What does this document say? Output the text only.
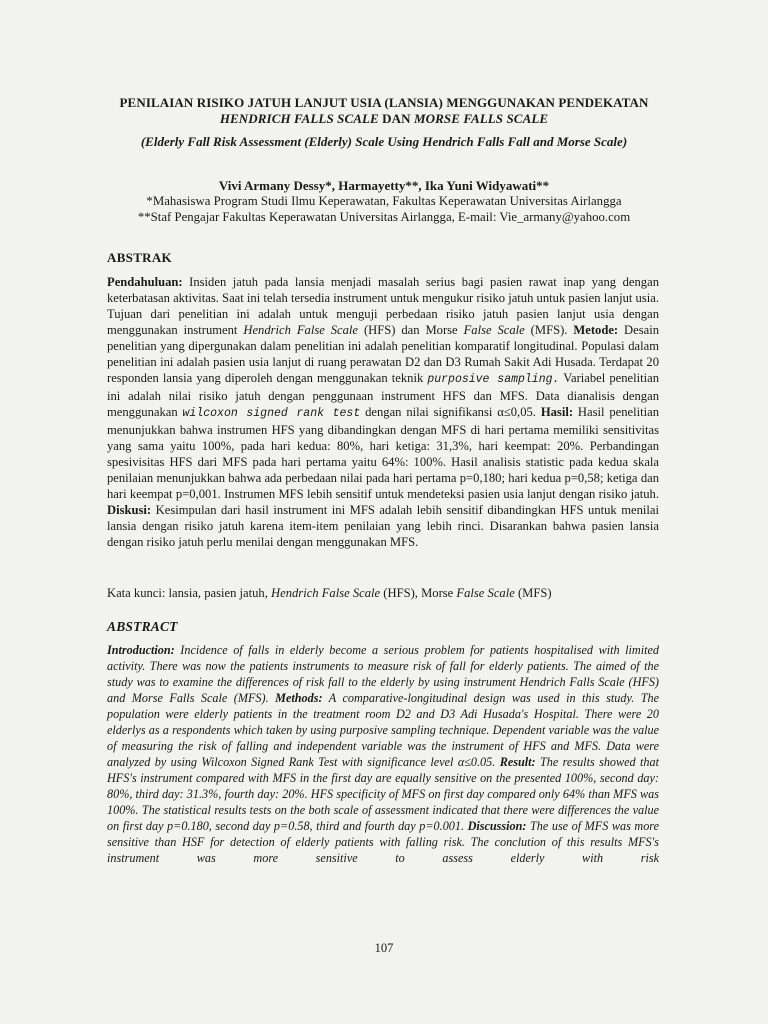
PENILAIAN RISIKO JATUH LANJUT USIA (LANSIA) MENGGUNAKAN PENDEKATAN
HENDRICH FALLS SCALE DAN MORSE FALLS SCALE
(Elderly Fall Risk Assessment (Elderly) Scale Using Hendrich Falls Fall and Morse Scale)
Vivi Armany Dessy*, Harmayetty**, Ika Yuni Widyawati**
*Mahasiswa Program Studi Ilmu Keperawatan, Fakultas Keperawatan Universitas Airlangga
**Staf Pengajar Fakultas Keperawatan Universitas Airlangga, E-mail: Vie_armany@yahoo.com
ABSTRAK
Pendahuluan: Insiden jatuh pada lansia menjadi masalah serius bagi pasien rawat inap yang dengan keterbatasan aktivitas. Saat ini telah tersedia instrument untuk mengukur risiko jatuh untuk pasien lanjut usia. Tujuan dari penelitian ini adalah untuk menguji perbedaan risiko jatuh pasien lanjut usia dengan menggunakan instrument Hendrich False Scale (HFS) dan Morse False Scale (MFS). Metode: Desain penelitian yang dipergunakan dalam penelitian ini adalah penelitian komparatif longitudinal. Populasi dalam penelitian ini adalah pasien usia lanjut di ruang perawatan D2 dan D3 Rumah Sakit Adi Husada. Terdapat 20 responden lansia yang diperoleh dengan menggunakan teknik purposive sampling. Variabel penelitian ini adalah nilai risiko jatuh dengan penggunaan instrument HFS dan MFS. Data dianalisis dengan menggunakan wilcoxon signed rank test dengan nilai signifikansi α≤0,05. Hasil: Hasil penelitian menunjukkan bahwa instrumen HFS yang dibandingkan dengan MFS di hari pertama memiliki sensitivitas yang sama yaitu 100%, pada hari kedua: 80%, hari ketiga: 31,3%, hari keempat: 20%. Perbandingan spesivisitas HFS dari MFS pada hari pertama yaitu 64%: 100%. Hasil analisis statistic pada kedua skala penilaian menunjukkan bahwa ada perbedaan nilai pada hari pertama p=0,180; hari kedua p=0,58; ketiga dan hari keempat p=0,001. Instrumen MFS lebih sensitif untuk mendeteksi pasien usia lanjut dengan risiko jatuh. Diskusi: Kesimpulan dari hasil instrument ini MFS adalah lebih sensitif dibandingkan HFS untuk menilai lansia dengan risiko jatuh karena item-item penilaian yang lebih rinci. Disarankan bahwa pasien lansia dengan risiko jatuh perlu menilai dengan menggunakan MFS.
Kata kunci: lansia, pasien jatuh, Hendrich False Scale (HFS), Morse False Scale (MFS)
ABSTRACT
Introduction: Incidence of falls in elderly become a serious problem for patients hospitalised with limited activity. There was now the patients instruments to measure risk of fall for elderly patients. The aimed of the study was to examine the differences of risk fall to the elderly by using instrument Hendrich Falls Scale (HFS) and Morse Falls Scale (MFS). Methods: A comparative-longitudinal design was used in this study. The population were elderly patients in the treatment room D2 and D3 Adi Husada's Hospital. There were 20 elderlys as a respondents which taken by using purposive sampling technique. Dependent variable was the value of measuring the risk of falling and independent variable was the instrument of HFS and MFS. Data were analyzed by using Wilcoxon Signed Rank Test with significance level α≤0.05. Result: The results showed that HFS's instrument compared with MFS in the first day are equally sensitive on the presented 100%, second day: 80%, third day: 31.3%, fourth day: 20%. HFS specificity of MFS on first day compared only 64% than MFS was 100%. The statistical results tests on the both scale of assessment indicated that there were differences the value on first day p=0.180, second day p=0.58, third and fourth day p=0.001. Discussion: The use of MFS was more sensitive than HSF for detection of elderly patients with falling risk. The conclution of this results MFS's instrument was more sensitive to assess elderly with risk
107
